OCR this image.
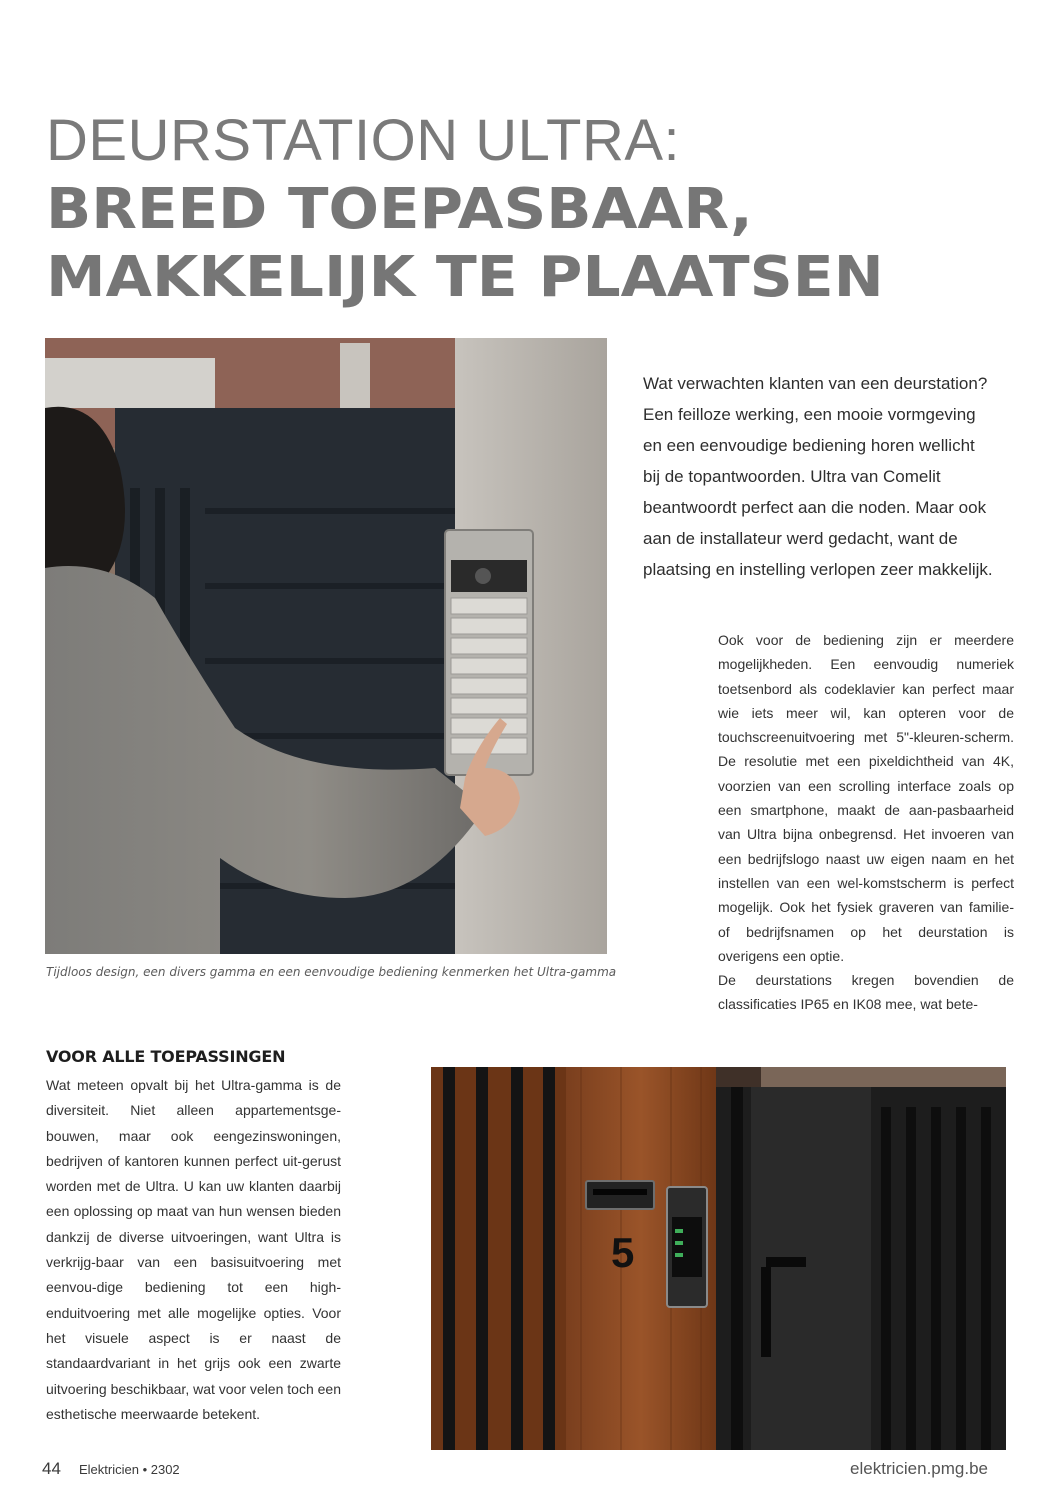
DEURSTATION ULTRA:
BREED TOEPASBAAR,
MAKKELIJK TE PLAATSEN
Tijdloos design, een divers gamma en een eenvoudige bediening kenmerken het Ultra-gamma

Wat verwachten klanten van een deurstation?

Een feilloze werking, een mooie vormgeving

en een eenvoudige bediening horen wellicht

bij de topantwoorden. Ultra van Comelit

beantwoordt perfect aan die noden. Maar ook

aan de installateur werd gedacht, want de

plaatsing en instelling verlopen zeer makkelijk.

Ook voor de bediening zijn er meerdere mogelijkheden. Een eenvoudig numeriek toetsenbord als codeklavier kan perfect maar wie iets meer wil, kan opteren voor de touchscreenuitvoering met 5"-kleuren-scherm. De resolutie met een pixeldichtheid van 4K, voorzien van een scrolling interface zoals op een smartphone, maakt de aan-pasbaarheid van Ultra bijna onbegrensd. Het invoeren van een bedrijfslogo naast uw eigen naam en het instellen van een wel-komstscherm is perfect mogelijk. Ook het fysiek graveren van familie- of bedrijfsnamen op het deurstation is overigens een optie.

De deurstations kregen bovendien de classificaties IP65 en IK08 mee, wat bete-

VOOR ALLE TOEPASSINGEN

Wat meteen opvalt bij het Ultra-gamma is de diversiteit. Niet alleen appartementsge-bouwen, maar ook eengezinswoningen, bedrijven of kantoren kunnen perfect uit-gerust worden met de Ultra. U kan uw klanten daarbij een oplossing op maat van hun wensen bieden dankzij de diverse uitvoeringen, want Ultra is verkrijg-baar van een basisuitvoering met eenvou-dige bediening tot een high-enduitvoering met alle mogelijke opties. Voor het visuele aspect is er naast de standaardvariant in het grijs ook een zwarte uitvoering beschikbaar, wat voor velen toch een esthetische meerwaarde betekent.

5
44 Elektricien • 2302	elektricien.pmg.be
